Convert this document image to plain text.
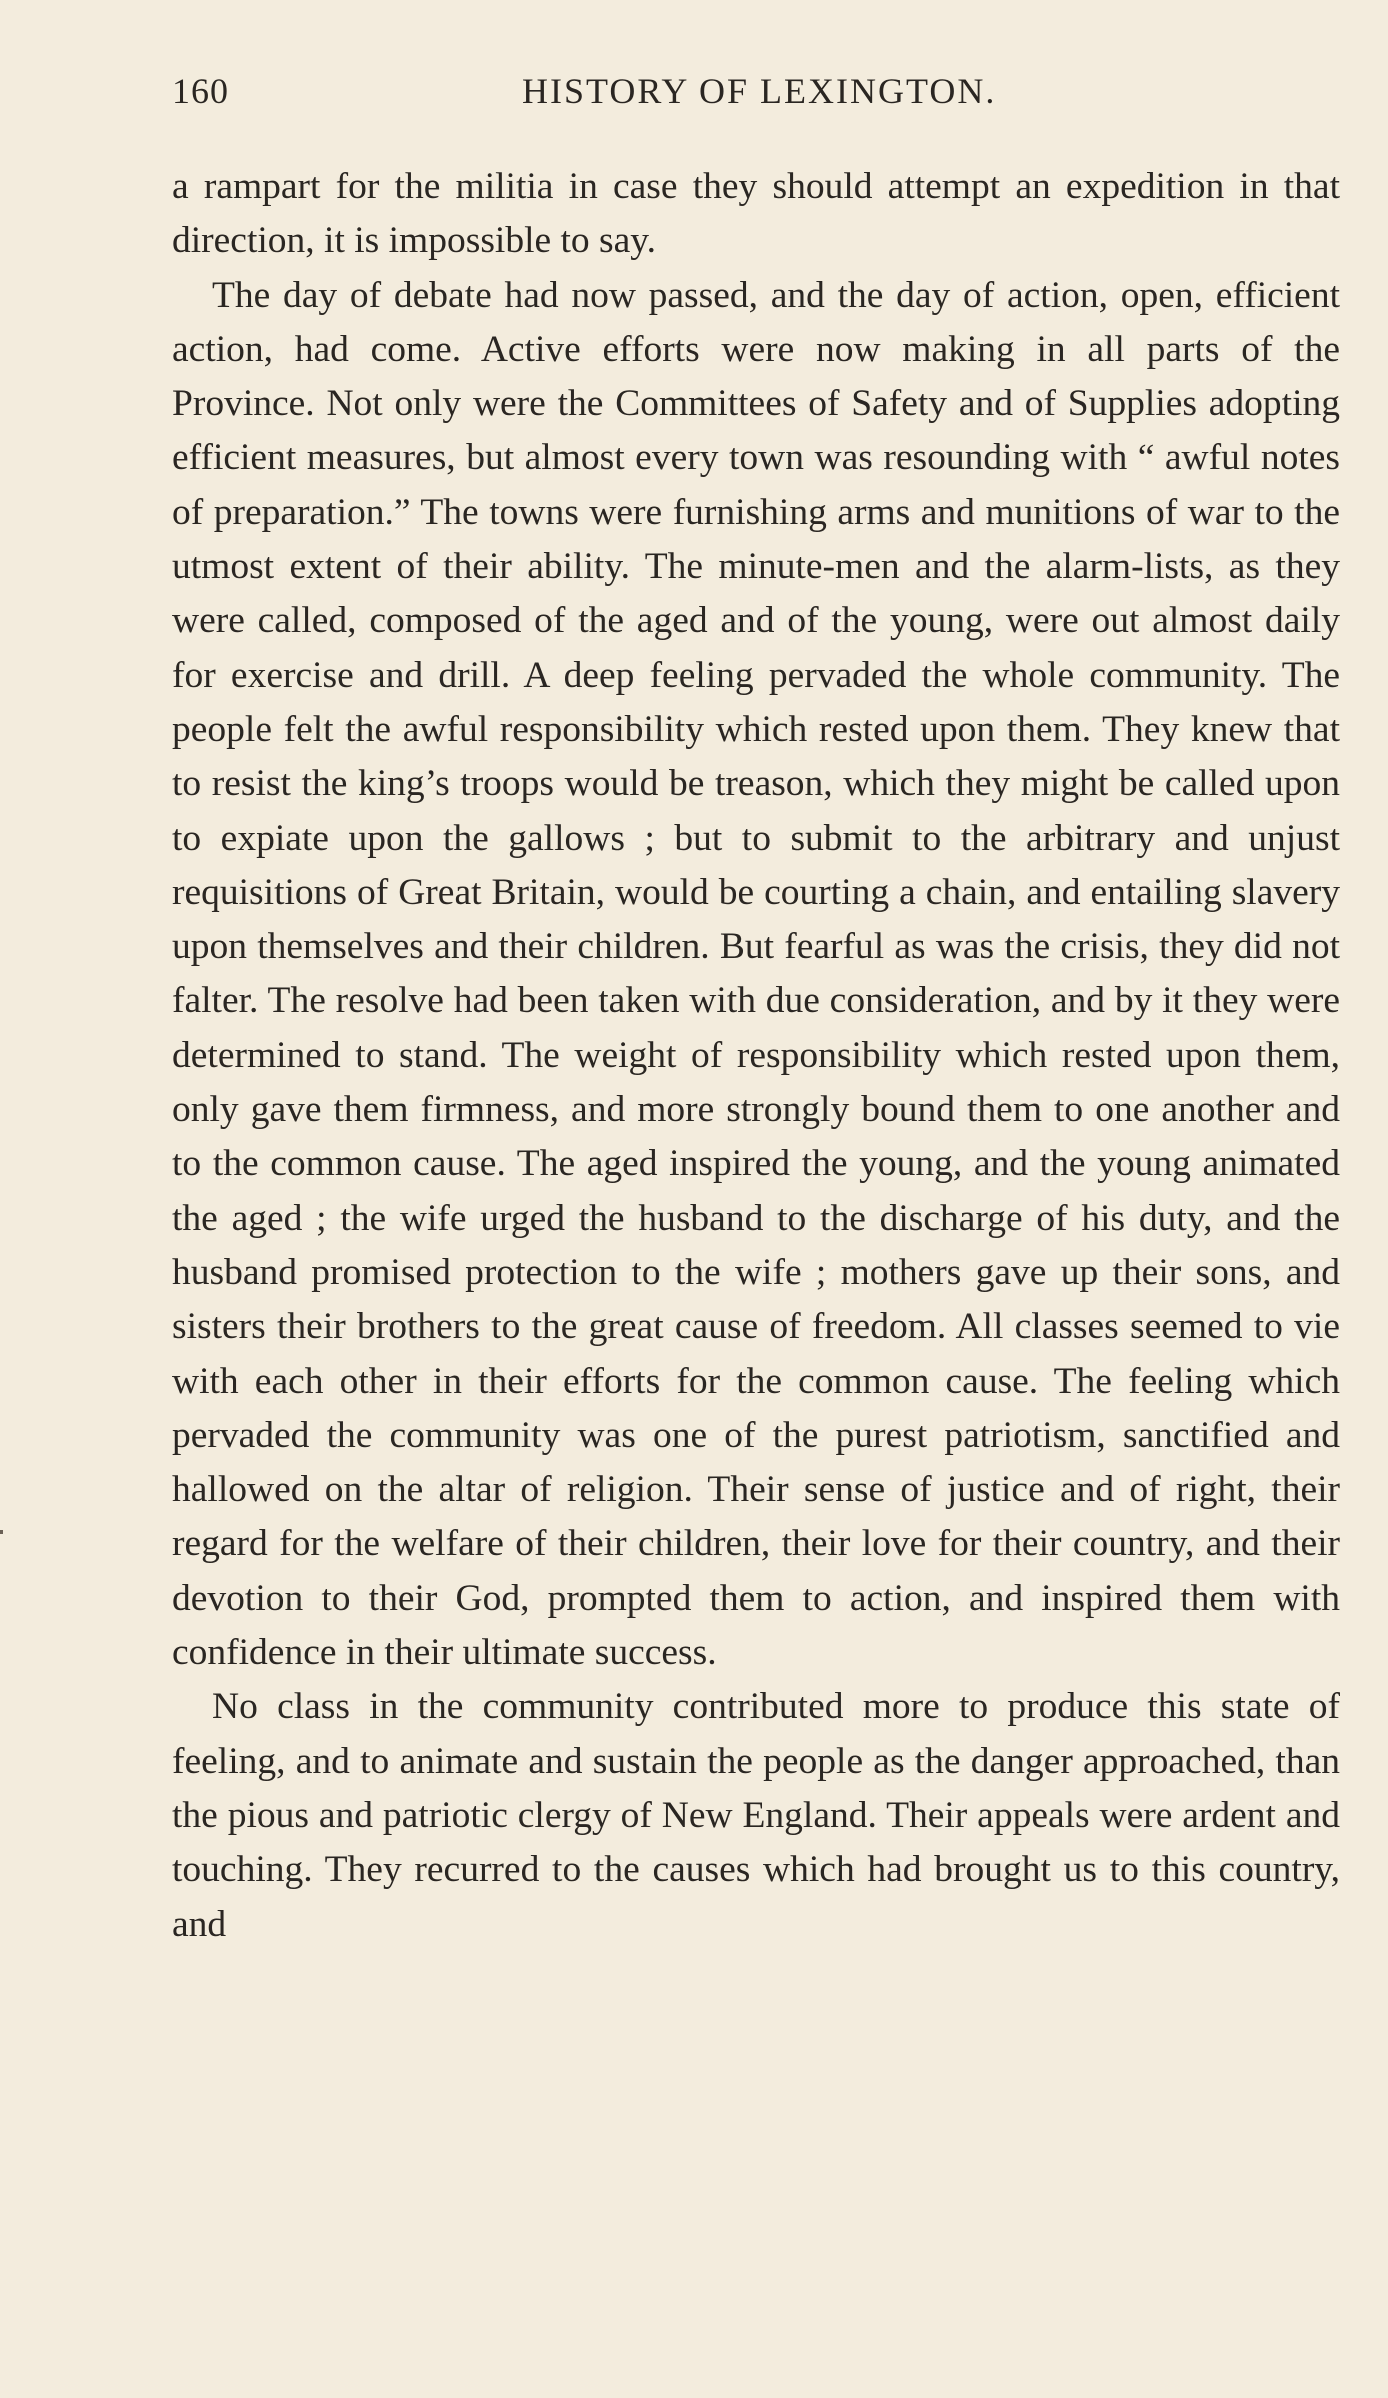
160	HISTORY OF LEXINGTON.

a rampart for the militia in case they should attempt an expedition in that direction, it is impossible to say.

The day of debate had now passed, and the day of action, open, efficient action, had come. Active efforts were now making in all parts of the Province. Not only were the Committees of Safety and of Supplies adopting efficient measures, but almost every town was resounding with “ awful notes of preparation.” The towns were furnishing arms and munitions of war to the utmost extent of their ability. The minute-men and the alarm-lists, as they were called, composed of the aged and of the young, were out almost daily for exercise and drill. A deep feeling pervaded the whole community. The people felt the awful responsibility which rested upon them. They knew that to resist the king’s troops would be treason, which they might be called upon to expiate upon the gallows ; but to submit to the arbitrary and unjust requisitions of Great Britain, would be courting a chain, and entailing slavery upon themselves and their children. But fearful as was the crisis, they did not falter. The resolve had been taken with due consideration, and by it they were determined to stand. The weight of responsibility which rested upon them, only gave them firmness, and more strongly bound them to one another and to the common cause. The aged inspired the young, and the young animated the aged ; the wife urged the husband to the discharge of his duty, and the husband promised protection to the wife ; mothers gave up their sons, and sisters their brothers to the great cause of freedom. All classes seemed to vie with each other in their efforts for the common cause. The feeling which pervaded the community was one of the purest patriotism, sanctified and hallowed on the altar of religion. Their sense of justice and of right, their regard for the welfare of their children, their love for their country, and their devotion to their God, prompted them to action, and inspired them with confidence in their ultimate success.

No class in the community contributed more to produce this state of feeling, and to animate and sustain the people as the danger approached, than the pious and patriotic clergy of New England. Their appeals were ardent and touching. They recurred to the causes which had brought us to this country, and
